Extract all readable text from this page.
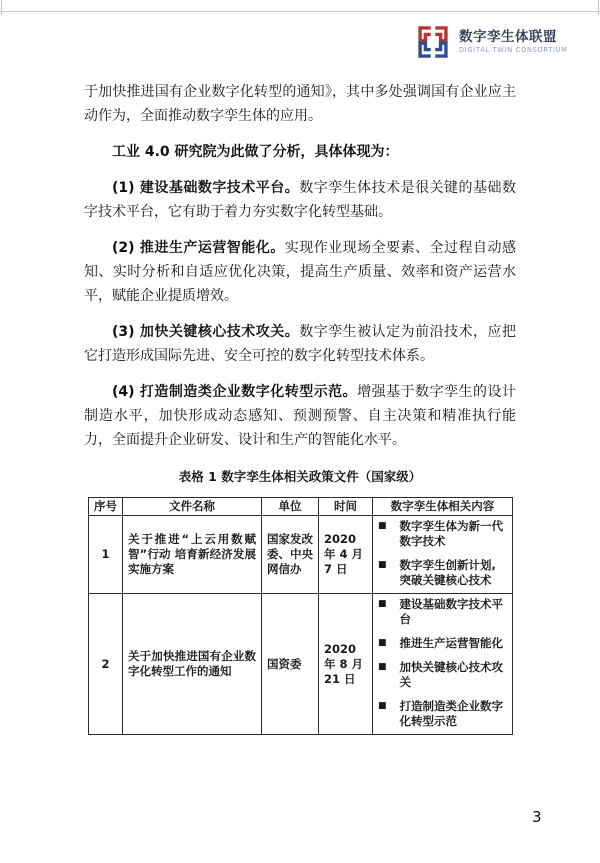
数字孪生体联盟
DIGITAL TWIN CONSORTIUM

于加快推进国有企业数字化转型的通知》，其中多处强调国有企业应主动作为，全面推动数字孪生体的应用。

工业 4.0 研究院为此做了分析，具体体现为：

(1) 建设基础数字技术平台。数字孪生体技术是很关键的基础数字技术平台，它有助于着力夯实数字化转型基础。

(2) 推进生产运营智能化。实现作业现场全要素、全过程自动感知、实时分析和自适应优化决策，提高生产质量、效率和资产运营水平，赋能企业提质增效。

(3) 加快关键核心技术攻关。数字孪生被认定为前沿技术，应把它打造形成国际先进、安全可控的数字化转型技术体系。

(4) 打造制造类企业数字化转型示范。增强基于数字孪生的设计制造水平，加快形成动态感知、预测预警、自主决策和精准执行能力，全面提升企业研发、设计和生产的智能化水平。

表格 1 数字孪生体相关政策文件（国家级）
序号	文件名称	单位	时间	数字孪生体相关内容
1	关于推进“上云用数赋智”行动 培育新经济发展实施方案	国家发改委、中央网信办	2020 年 4 月 7 日	■ 数字孪生体为新一代数字技术
■ 数字孪生创新计划, 突破关键核心技术

2	关于加快推进国有企业数字化转型工作的通知	国资委	2020 年 8 月 21 日	
■ 建设基础数字技术平台
■ 推进生产运营智能化
■ 加快关键核心技术攻关
■ 打造制造类企业数字化转型示范
3
